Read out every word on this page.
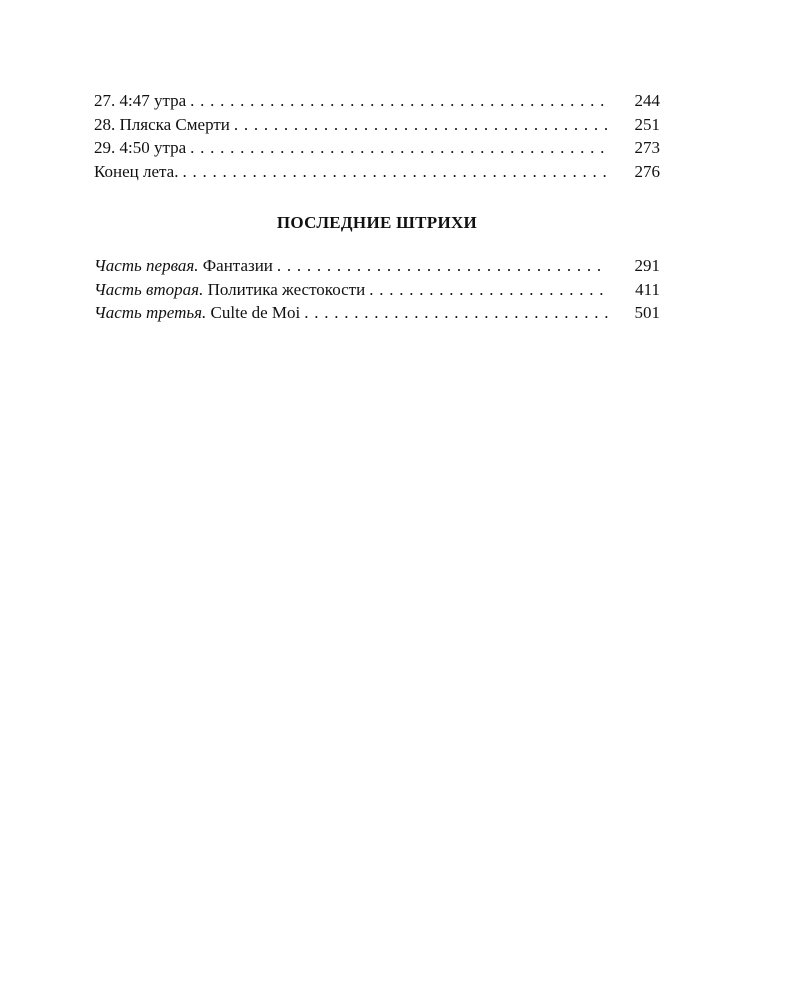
27. 4:47 утра . . .	244
28. Пляска Смерти . . .	251
29. 4:50 утра . . .	273
Конец лета. . . .	276
ПОСЛЕДНИЕ ШТРИХИ
Часть первая. Фантазии . . .	291
Часть вторая. Политика жестокости . . .	411
Часть третья. Culte de Moi . . .	501
